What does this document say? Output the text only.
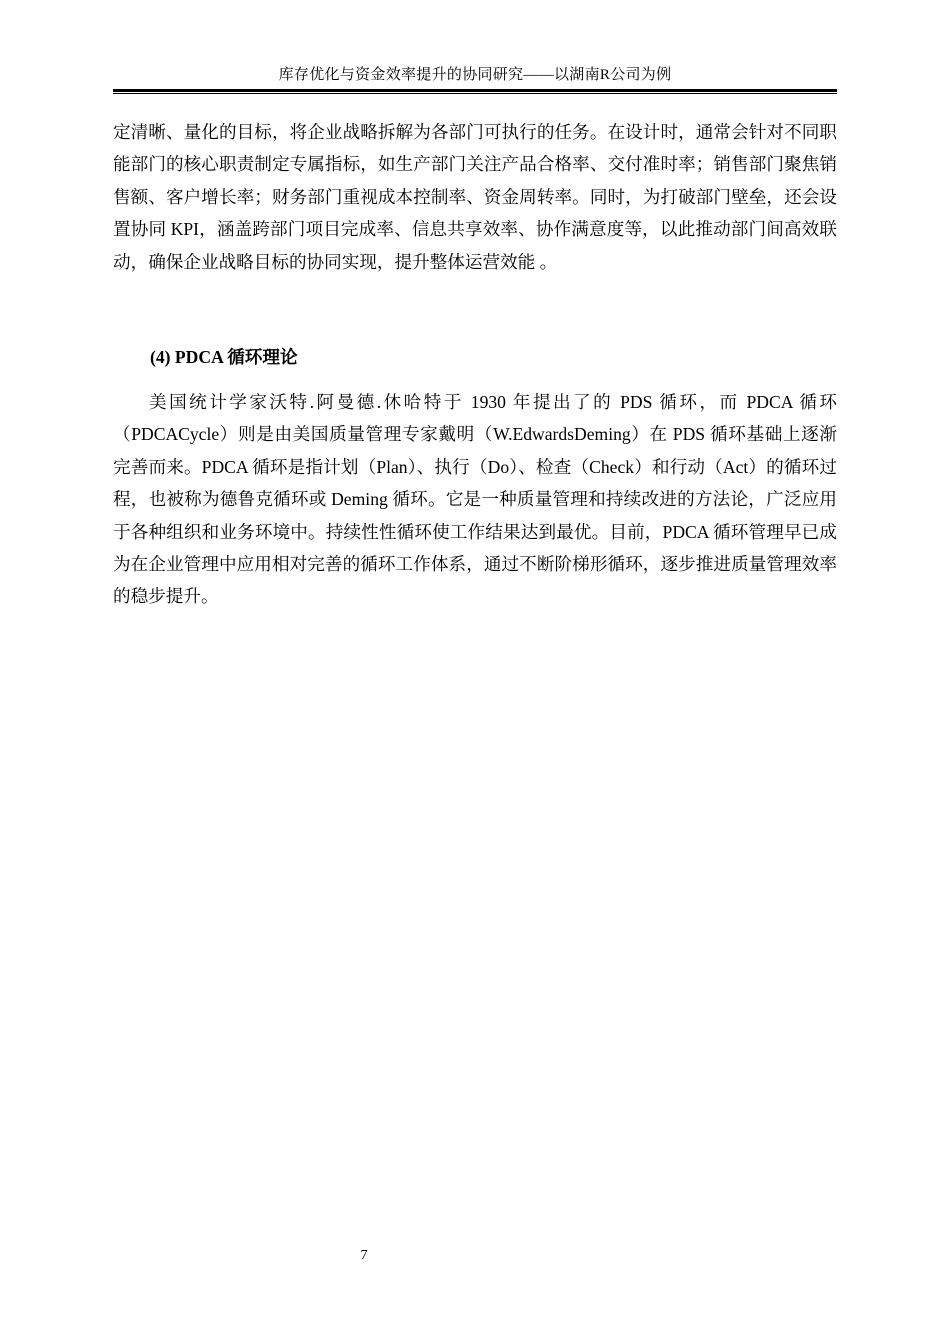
库存优化与资金效率提升的协同研究——以湖南R公司为例

定清晰、量化的目标，将企业战略拆解为各部门可执行的任务。在设计时，通常会针对不同职能部门的核心职责制定专属指标，如生产部门关注产品合格率、交付准时率；销售部门聚焦销售额、客户增长率；财务部门重视成本控制率、资金周转率。同时，为打破部门壁垒，还会设置协同 KPI，涵盖跨部门项目完成率、信息共享效率、协作满意度等，以此推动部门间高效联动，确保企业战略目标的协同实现，提升整体运营效能 。

(4) PDCA 循环理论

美国统计学家沃特.阿曼德.休哈特于 1930 年提出了的 PDS 循环，而 PDCA 循环（PDCACycle）则是由美国质量管理专家戴明（W.EdwardsDeming）在 PDS 循环基础上逐渐完善而来。PDCA 循环是指计划（Plan）、执行（Do）、检查（Check）和行动（Act）的循环过程，也被称为德鲁克循环或 Deming 循环。它是一种质量管理和持续改进的方法论，广泛应用于各种组织和业务环境中。持续性性循环使工作结果达到最优。目前，PDCA 循环管理早已成为在企业管理中应用相对完善的循环工作体系，通过不断阶梯形循环，逐步推进质量管理效率的稳步提升。

7
